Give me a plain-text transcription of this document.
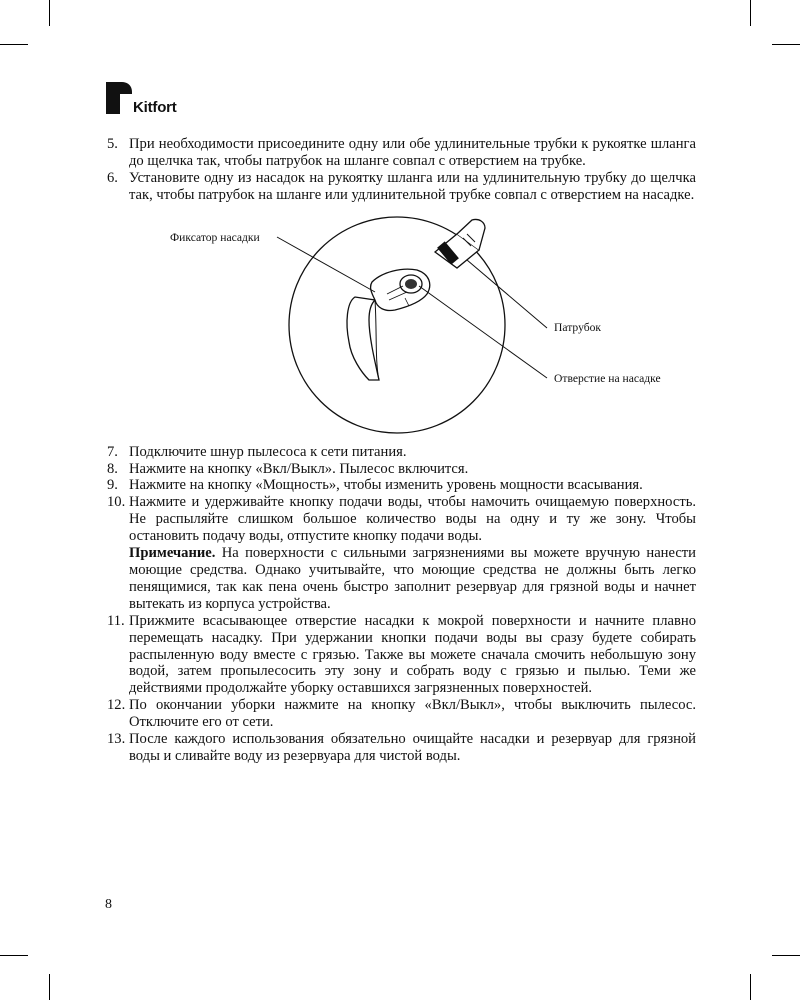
Kitfort
5. При необходимости присоедините одну или обе удлинительные трубки к рукоятке шланга до щелчка так, чтобы патрубок на шланге совпал с отверстием на трубке.
6. Установите одну из насадок на рукоятку шланга или на удлинительную трубку до щелчка так, чтобы патрубок на шланге или удлинительной трубке совпал с отверстием на насадке.
Фиксатор насадки
Патрубок
Отверстие на насадке
7. Подключите шнур пылесоса к сети питания.
8. Нажмите на кнопку «Вкл/Выкл». Пылесос включится.
9. Нажмите на кнопку «Мощность», чтобы изменить уровень мощности всасывания.
10. Нажмите и удерживайте кнопку подачи воды, чтобы намочить очищаемую поверхность. Не распыляйте слишком большое количество воды на одну и ту же зону. Чтобы остановить подачу воды, отпустите кнопку подачи воды.
Примечание. На поверхности с сильными загрязнениями вы можете вручную нанести моющие средства. Однако учитывайте, что моющие средства не должны быть легко пенящимися, так как пена очень быстро заполнит резервуар для грязной воды и начнет вытекать из корпуса устройства.
11. Прижмите всасывающее отверстие насадки к мокрой поверхности и начните плавно перемещать насадку. При удержании кнопки подачи воды вы сразу будете собирать распыленную воду вместе с грязью. Также вы можете сначала смочить небольшую зону водой, затем пропылесосить эту зону и собрать воду с грязью и пылью. Теми же действиями продолжайте уборку оставшихся загрязненных поверхностей.
12. По окончании уборки нажмите на кнопку «Вкл/Выкл», чтобы выключить пылесос. Отключите его от сети.
13. После каждого использования обязательно очищайте насадки и резервуар для грязной воды и сливайте воду из резервуара для чистой воды.
8
